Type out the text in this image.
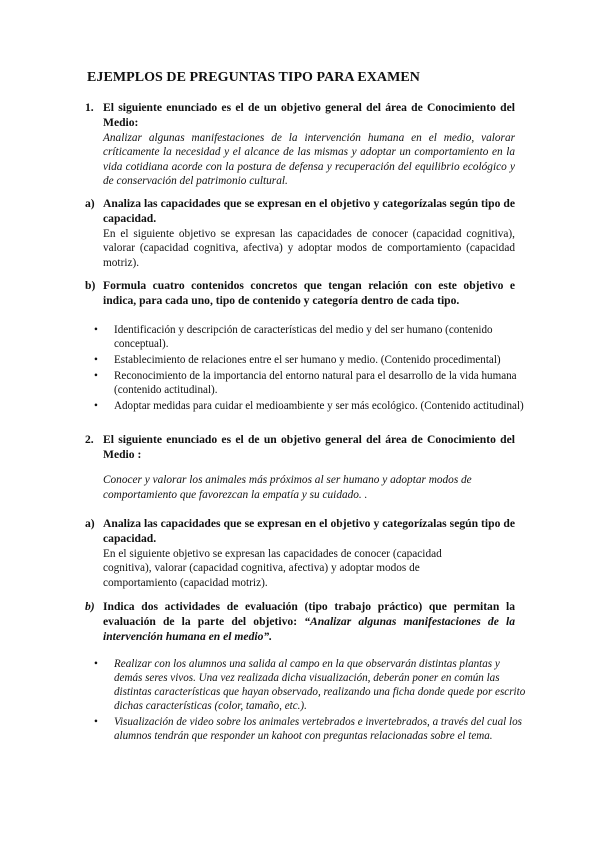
EJEMPLOS DE PREGUNTAS TIPO PARA EXAMEN
1. El siguiente enunciado es el de un objetivo general del área de Conocimiento del Medio:
Analizar algunas manifestaciones de la intervención humana en el medio, valorar críticamente la necesidad y el alcance de las mismas y adoptar un comportamiento en la vida cotidiana acorde con la postura de defensa y recuperación del equilibrio ecológico y de conservación del patrimonio cultural.
a) Analiza las capacidades que se expresan en el objetivo y categorízalas según tipo de capacidad.
En el siguiente objetivo se expresan las capacidades de conocer (capacidad cognitiva), valorar (capacidad cognitiva, afectiva) y adoptar modos de comportamiento (capacidad motriz).
b) Formula cuatro contenidos concretos que tengan relación con este objetivo e indica, para cada uno, tipo de contenido y categoría dentro de cada tipo.
• Identificación y descripción de características del medio y del ser humano (contenido conceptual).
• Establecimiento de relaciones entre el ser humano y medio. (Contenido procedimental)
• Reconocimiento de la importancia del entorno natural para el desarrollo de la vida humana (contenido actitudinal).
• Adoptar medidas para cuidar el medioambiente y ser más ecológico. (Contenido actitudinal)
2. El siguiente enunciado es el de un objetivo general del área de Conocimiento del Medio :
Conocer y valorar los animales más próximos al ser humano y adoptar modos de comportamiento que favorezcan la empatía y su cuidado. .
a) Analiza las capacidades que se expresan en el objetivo y categorízalas según tipo de capacidad.
En el siguiente objetivo se expresan las capacidades de conocer (capacidad cognitiva), valorar (capacidad cognitiva, afectiva) y adoptar modos de comportamiento (capacidad motriz).
b) Indica dos actividades de evaluación (tipo trabajo práctico) que permitan la evaluación de la parte del objetivo: “Analizar algunas manifestaciones de la intervención humana en el medio”.
• Realizar con los alumnos una salida al campo en la que observarán distintas plantas y demás seres vivos. Una vez realizada dicha visualización, deberán poner en común las distintas características que hayan observado, realizando una ficha donde quede por escrito dichas características (color, tamaño, etc.).
• Visualización de video sobre los animales vertebrados e invertebrados, a través del cual los alumnos tendrán que responder un kahoot con preguntas relacionadas sobre el tema.
